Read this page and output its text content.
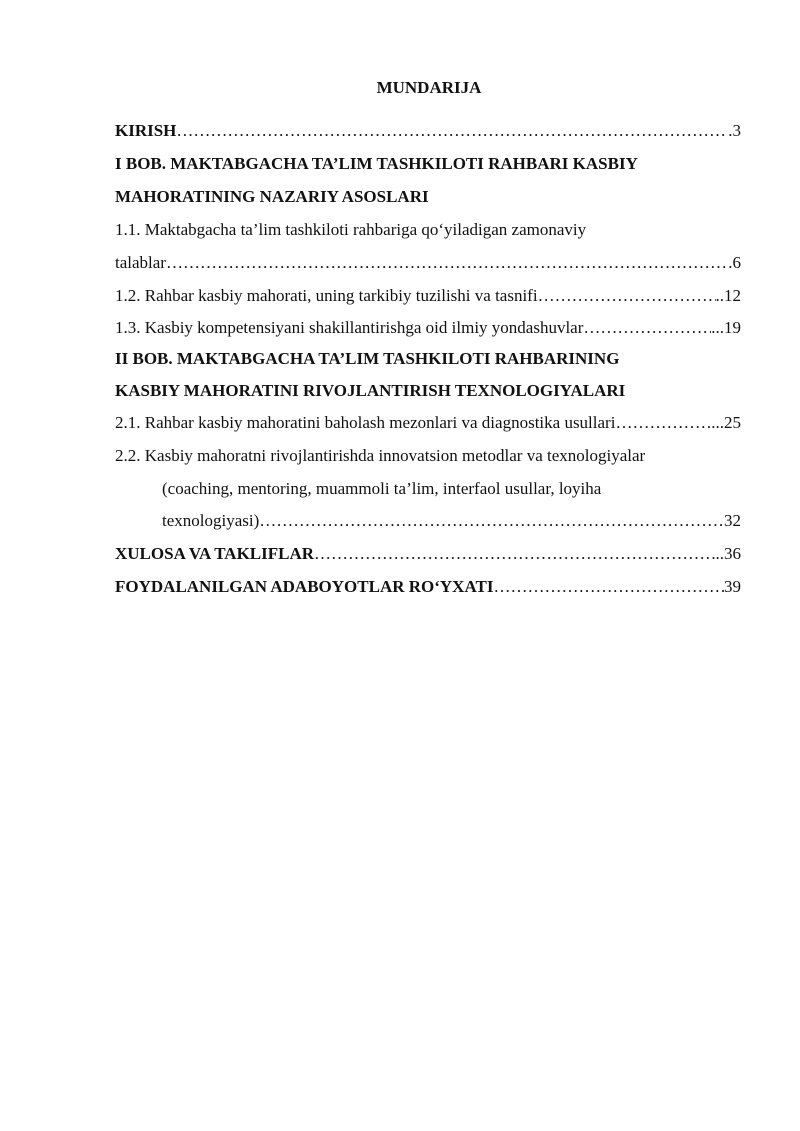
MUNDARIJA
KIRISH …………………………………………………………………………………………………………………………………………………………………………………………………………	.3
I BOB. MAKTABGACHA TA’LIM TASHKILOTI RAHBARI KASBIY
MAHORATINING NAZARIY ASOSLARI
1.1. Maktabgacha ta’lim tashkiloti rahbariga qo‘yiladigan zamonaviy
talablar …………………………………………………………………………………………………………………………………………………………………………………………………………	.6
1.2. Rahbar kasbiy mahorati, uning tarkibiy tuzilishi va tasnifi …………………………………………………………………………………………………………………………………………………………………………………………………………	..12
1.3. Kasbiy kompetensiyani shakillantirishga oid ilmiy yondashuvlar …………………………………………………………………………………………………………………………………………………………………………………………………………	...19
II BOB. MAKTABGACHA TA’LIM TASHKILOTI RAHBARINING
KASBIY MAHORATINI RIVOJLANTIRISH TEXNOLOGIYALARI
2.1. Rahbar kasbiy mahoratini baholash mezonlari va diagnostika usullari …………………………………………………………………………………………………………………………………………………………………………………………………………	...25
2.2. Kasbiy mahoratni rivojlantirishda innovatsion metodlar va texnologiyalar
(coaching, mentoring, muammoli ta’lim, interfaol usullar, loyiha
texnologiyasi) …………………………………………………………………………………………………………………………………………………………………………………………………………	32
XULOSA VA TAKLIFLAR …………………………………………………………………………………………………………………………………………………………………………………………………………	..36
FOYDALANILGAN ADABOYOTLAR RO‘YXATI …………………………………………………………………………………………………………………………………………………………………………………………………………	39
